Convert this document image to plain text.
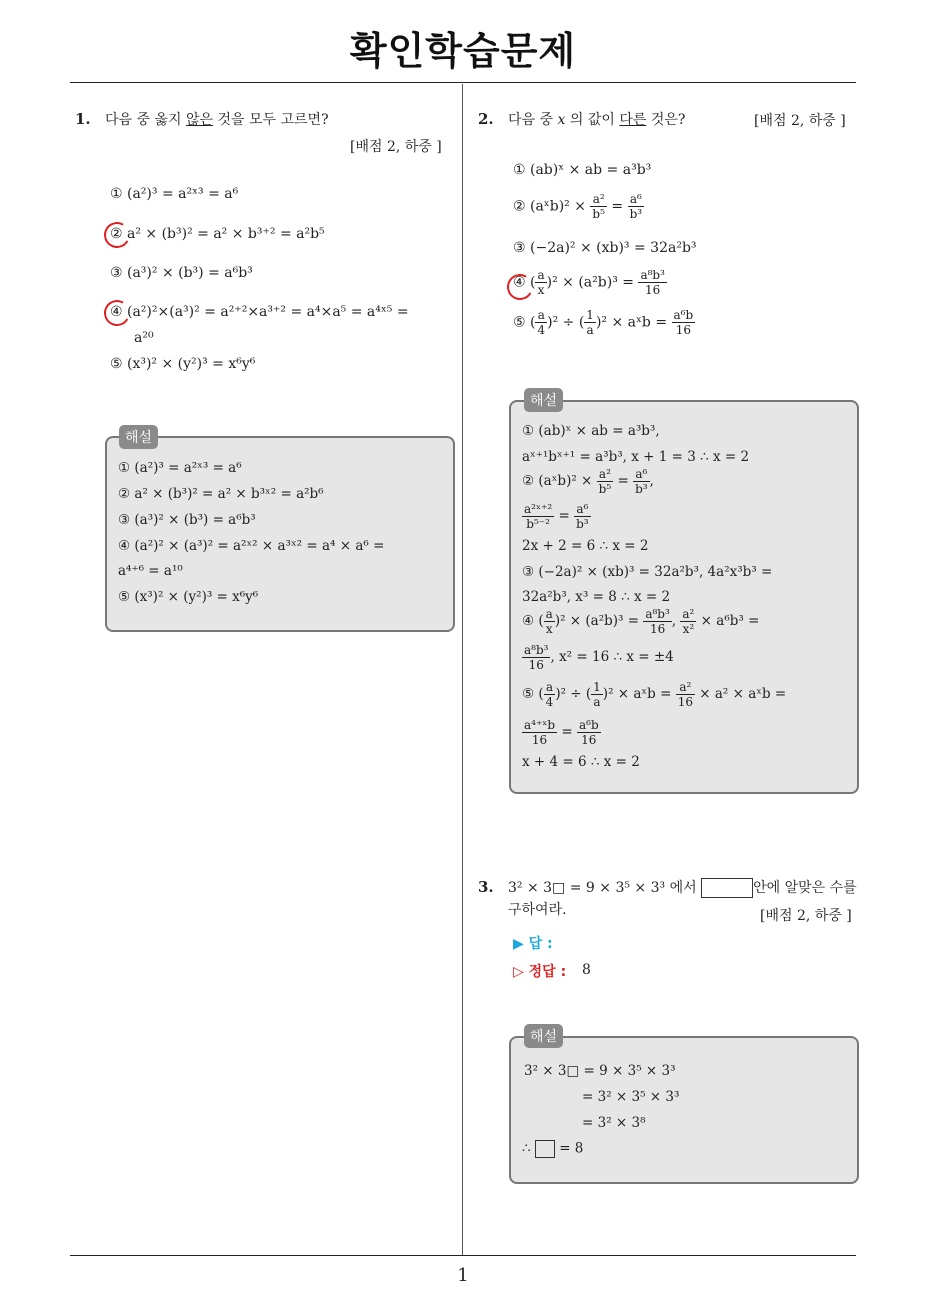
확인학습문제
1. 다음 중 옳지 않은 것을 모두 고르면?
[배점 2, 하중 ]
① (a²)³ = a²ˣ³ = a⁶
② a² × (b³)² = a² × b³⁺² = a²b⁵
③ (a³)² × (b³) = a⁶b³
④ (a²)²×(a³)² = a²⁺²×a³⁺² = a⁴×a⁵ = a⁴ˣ⁵ =
a²⁰
⑤ (x³)² × (y²)³ = x⁶y⁶
해설
① (a²)³ = a²ˣ³ = a⁶
② a² × (b³)² = a² × b³ˣ² = a²b⁶
③ (a³)² × (b³) = a⁶b³
④ (a²)² × (a³)² = a²ˣ² × a³ˣ² = a⁴ × a⁶ =
a⁴⁺⁶ = a¹⁰
⑤ (x³)² × (y²)³ = x⁶y⁶
2. 다음 중 x 의 값이 다른 것은?	[배점 2, 하중 ]
① (ab)ˣ × ab = a³b³
② (aˣb)² × $\frac{\text{a²}}{\text{b⁵}} = \frac{\text{a⁶}}{\text{b³}}$
③ (−2a)² × (xb)³ = 32a²b³
④ ( $\frac{a}{x} )^2 \times (a^2b)^3 = \frac{\text{a⁸b³}}{16}$
⑤ ( $\frac{a}{4} )^2$ ÷ ( $\frac{1}{a} )^2$ × aˣb = $\frac{\text{a⁶b}}{16}$
해설
① (ab)ˣ × ab = a³b³,
aˣ⁺¹bˣ⁺¹ = a³b³, x + 1 = 3 ∴ x = 2
② (aˣb)² × $\frac{\text{a²}}{\text{b⁵}} = \frac{\text{a⁶}}{\text{b³}}$ ,
$\frac{\text{a²ˣ⁺²}}{\text{b⁵⁻²}} = \frac{\text{a⁶}}{\text{b³}}$
2x + 2 = 6 ∴ x = 2
③ (−2a)² × (xb)³ = 32a²b³, 4a²x³b³ =
32a²b³, x³ = 8 ∴ x = 2
④ ( $\frac{a}{x} )^2 \times (a^2b)^3 = \frac{\text{a⁸b³}}{16}$ , $\frac{\text{a²}}{\text{x²}} \times a^6b^3$ =
$\frac{\text{a⁸b³}}{16}$ , x² = 16 ∴ x = ±4
⑤ ( $\frac{a}{4} )^2$ ÷ ( $\frac{1}{a} )^2$ × aˣb = $\frac{\text{a²}}{16} \times a^2$ × aˣb =
$\frac{\text{a⁴⁺ˣb}}{16} = \frac{\text{a⁶b}}{16}$
x + 4 = 6 ∴ x = 2
3. 3² × 3□ = 9 × 3⁵ × 3³ 에서	안에 알맞은 수를
구하여라.	[배점 2, 하중 ]
▶ 답 :
▷ 정답 : 8
해설
3² × 3□ = 9 × 3⁵ × 3³
= 3² × 3⁵ × 3³
= 3² × 3⁸
∴ = 8
1
